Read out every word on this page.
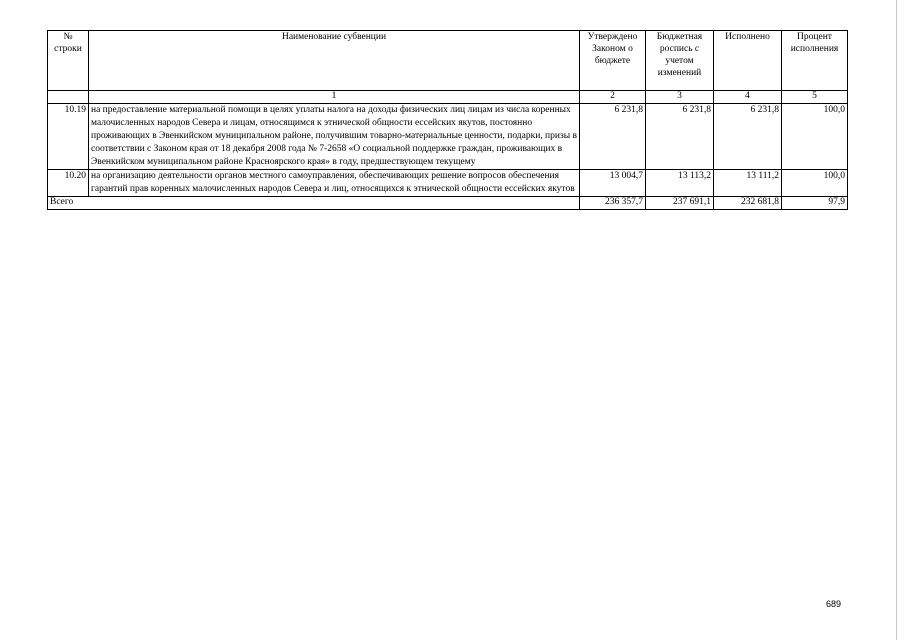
№ строки	Наименование субвенции	Утверждено Законом о бюджете	Бюджетная роспись с учетом изменений	Исполнено	Процент исполнения
	1	2	3	4	5
10.19	на предоставление материальной помощи в целях уплаты налога на доходы физических лиц лицам из числа коренных малочисленных народов Севера и лицам, относящимся к этнической общности ессейских якутов, постоянно проживающих в Эвенкийском муниципальном районе, получившим товарно-материальные ценности, подарки, призы в соответствии с Законом края от 18 декабря 2008 года № 7-2658 «О социальной поддержке граждан, проживающих в Эвенкийском муниципальном районе Красноярского края» в году, предшествующем текущему	6 231,8	6 231,8	6 231,8	100,0
10.20	на организацию деятельности органов местного самоуправления, обеспечивающих решение вопросов обеспечения гарантий прав коренных малочисленных народов Севера и лиц, относящихся к этнической общности ессейских якутов	13 004,7	13 113,2	13 111,2	100,0
Всего		236 357,7	237 691,1	232 681,8	97,9
689
